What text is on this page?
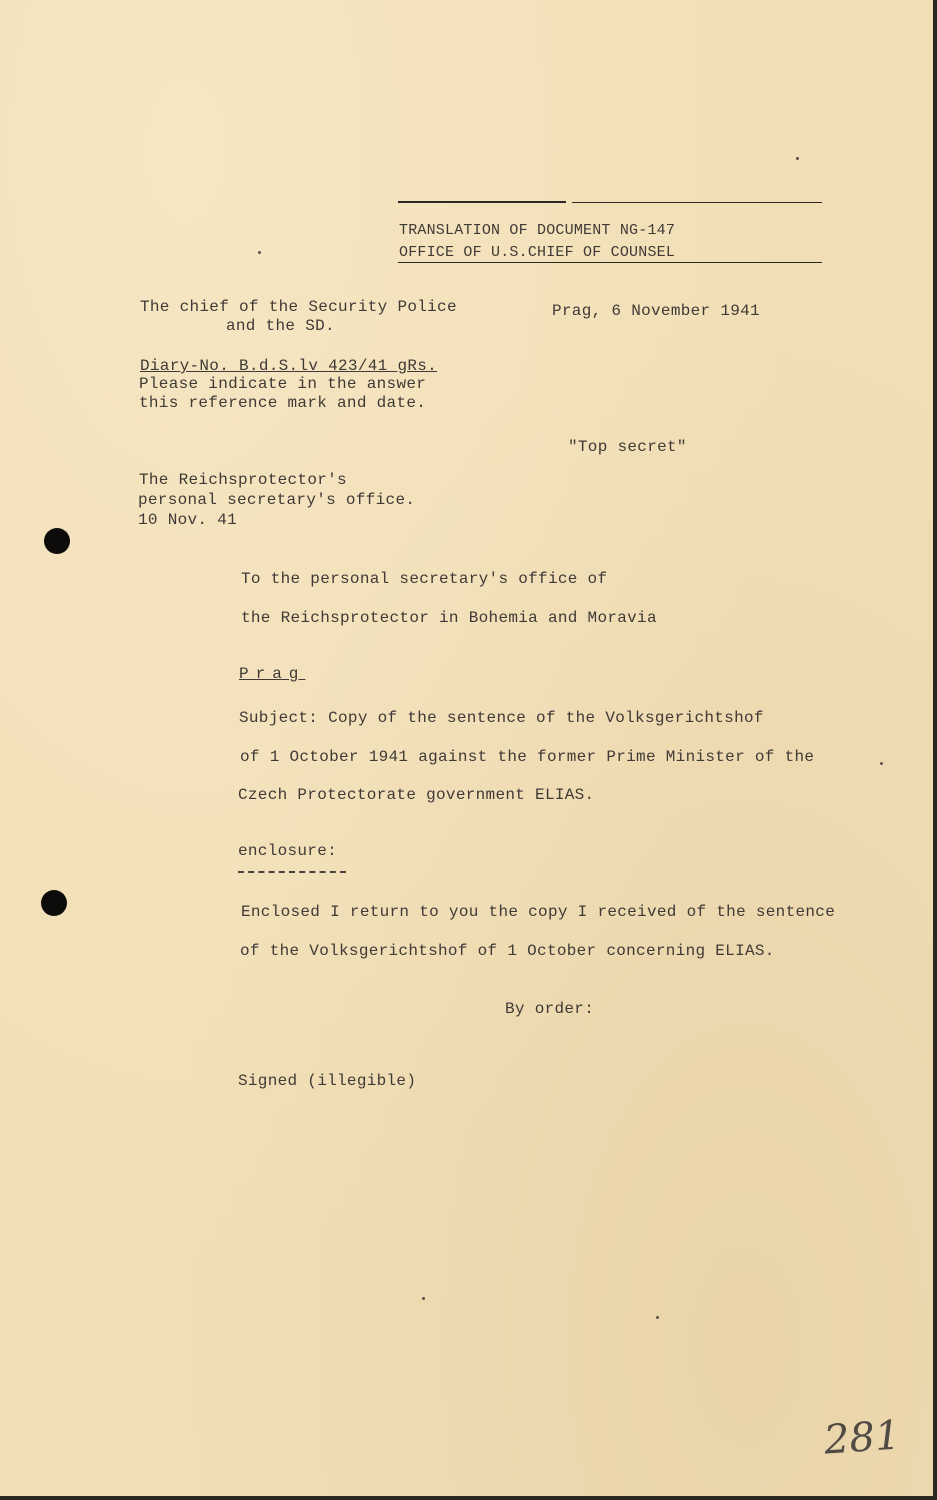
TRANSLATION OF DOCUMENT NG-147
OFFICE OF U.S.CHIEF OF COUNSEL
The chief of the Security Police
and the SD.
Prag, 6 November 1941
Diary-No. B.d.S.lv 423/41 gRs.
Please indicate in the answer
this reference mark and date.
"Top secret"
The Reichsprotector's
personal secretary's office.
10 Nov. 41
To the personal secretary's office of
the Reichsprotector in Bohemia and Moravia
Prag
Subject: Copy of the sentence of the Volksgerichtshof
of 1 October 1941 against the former Prime Minister of the
Czech Protectorate government ELIAS.
enclosure:
Enclosed I return to you the copy I received of the sentence
of the Volksgerichtshof of 1 October concerning ELIAS.
By order:
Signed (illegible)
281
